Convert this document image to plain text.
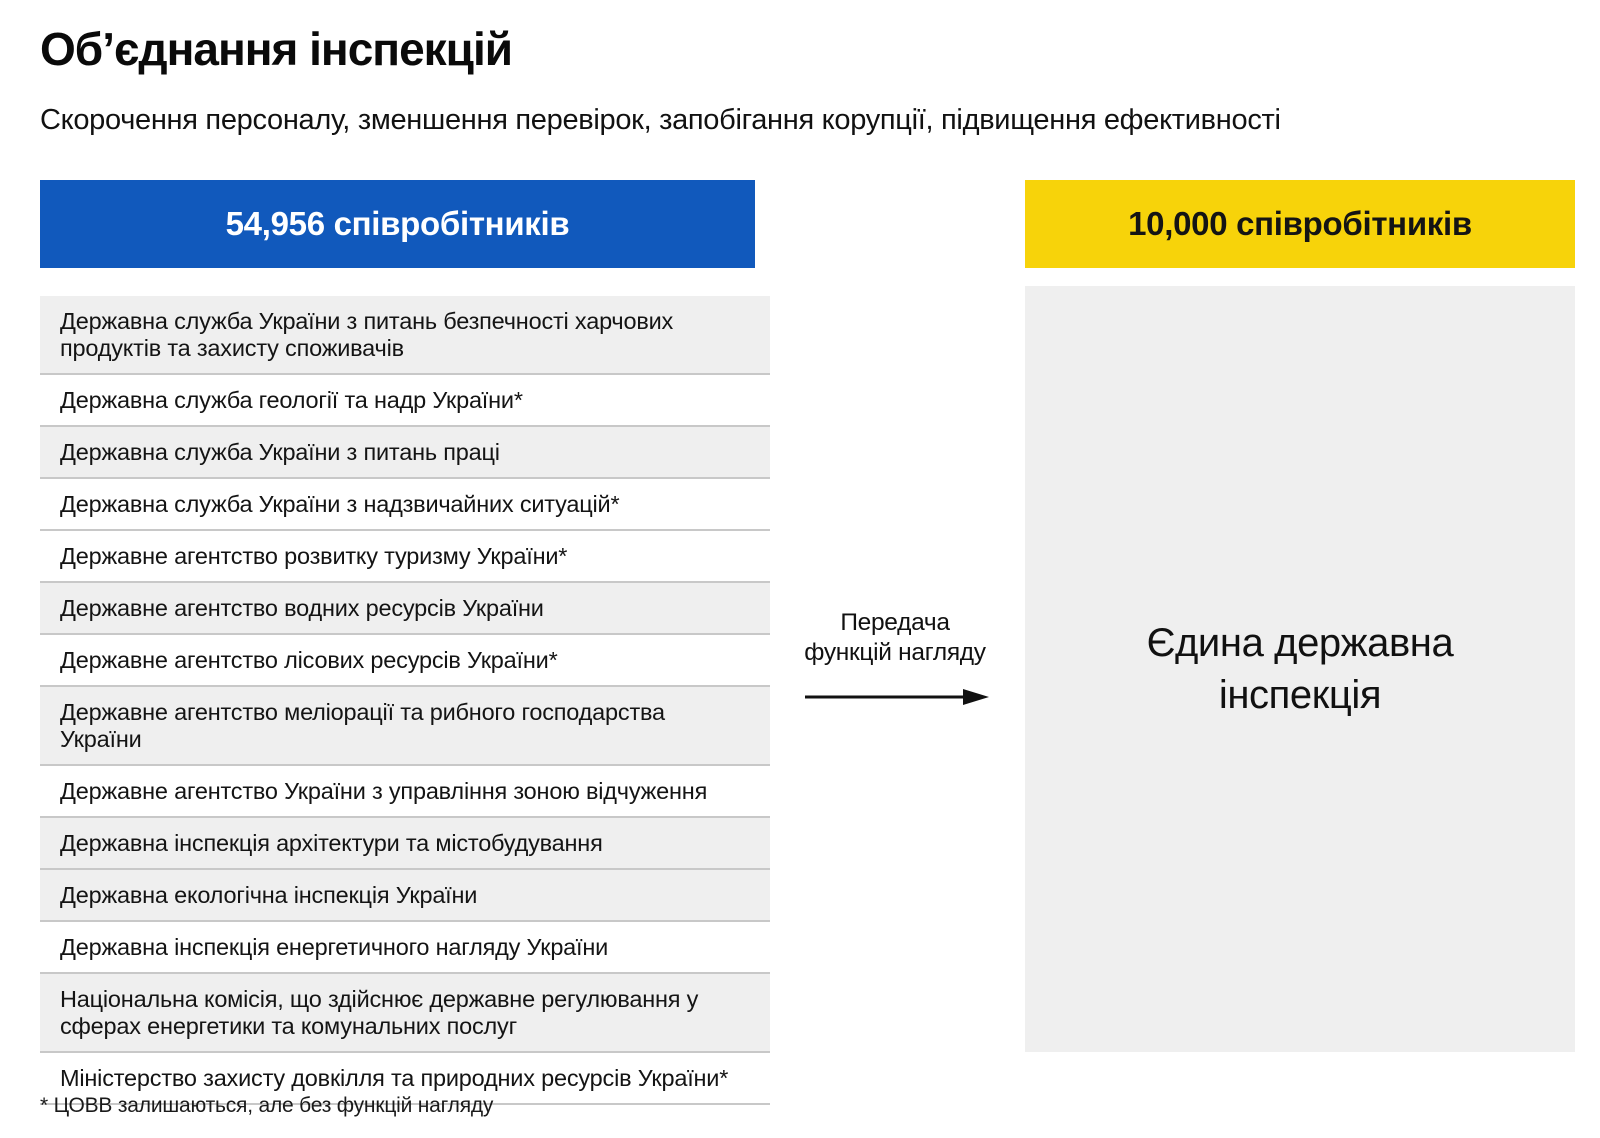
Об’єднання інспекцій

Скорочення персоналу, зменшення перевірок, запобігання корупції, підвищення ефективності

54,956 співробітників	10,000 співробітників
Державна служба України з питань безпечності харчових продуктів та захисту споживачів
Державна служба геології та надр України*
Державна служба України з питань праці
Державна служба України з надзвичайних ситуацій*
Державне агентство розвитку туризму України*
Державне агентство водних ресурсів України
Державне агентство лісових ресурсів України*
Державне агентство меліорації та рибного господарства України
Державне агентство України з управління зоною відчуження
Державна інспекція архітектури та містобудування
Державна екологічна інспекція України
Державна інспекція енергетичного нагляду України
Національна комісія, що здійснює державне регулювання у сферах енергетики та комунальних послуг
Міністерство захисту довкілля та природних ресурсів України*
Передача
функцій нагляду	Єдина державна
інспекція

* ЦОВВ залишаються, але без функцій нагляду
